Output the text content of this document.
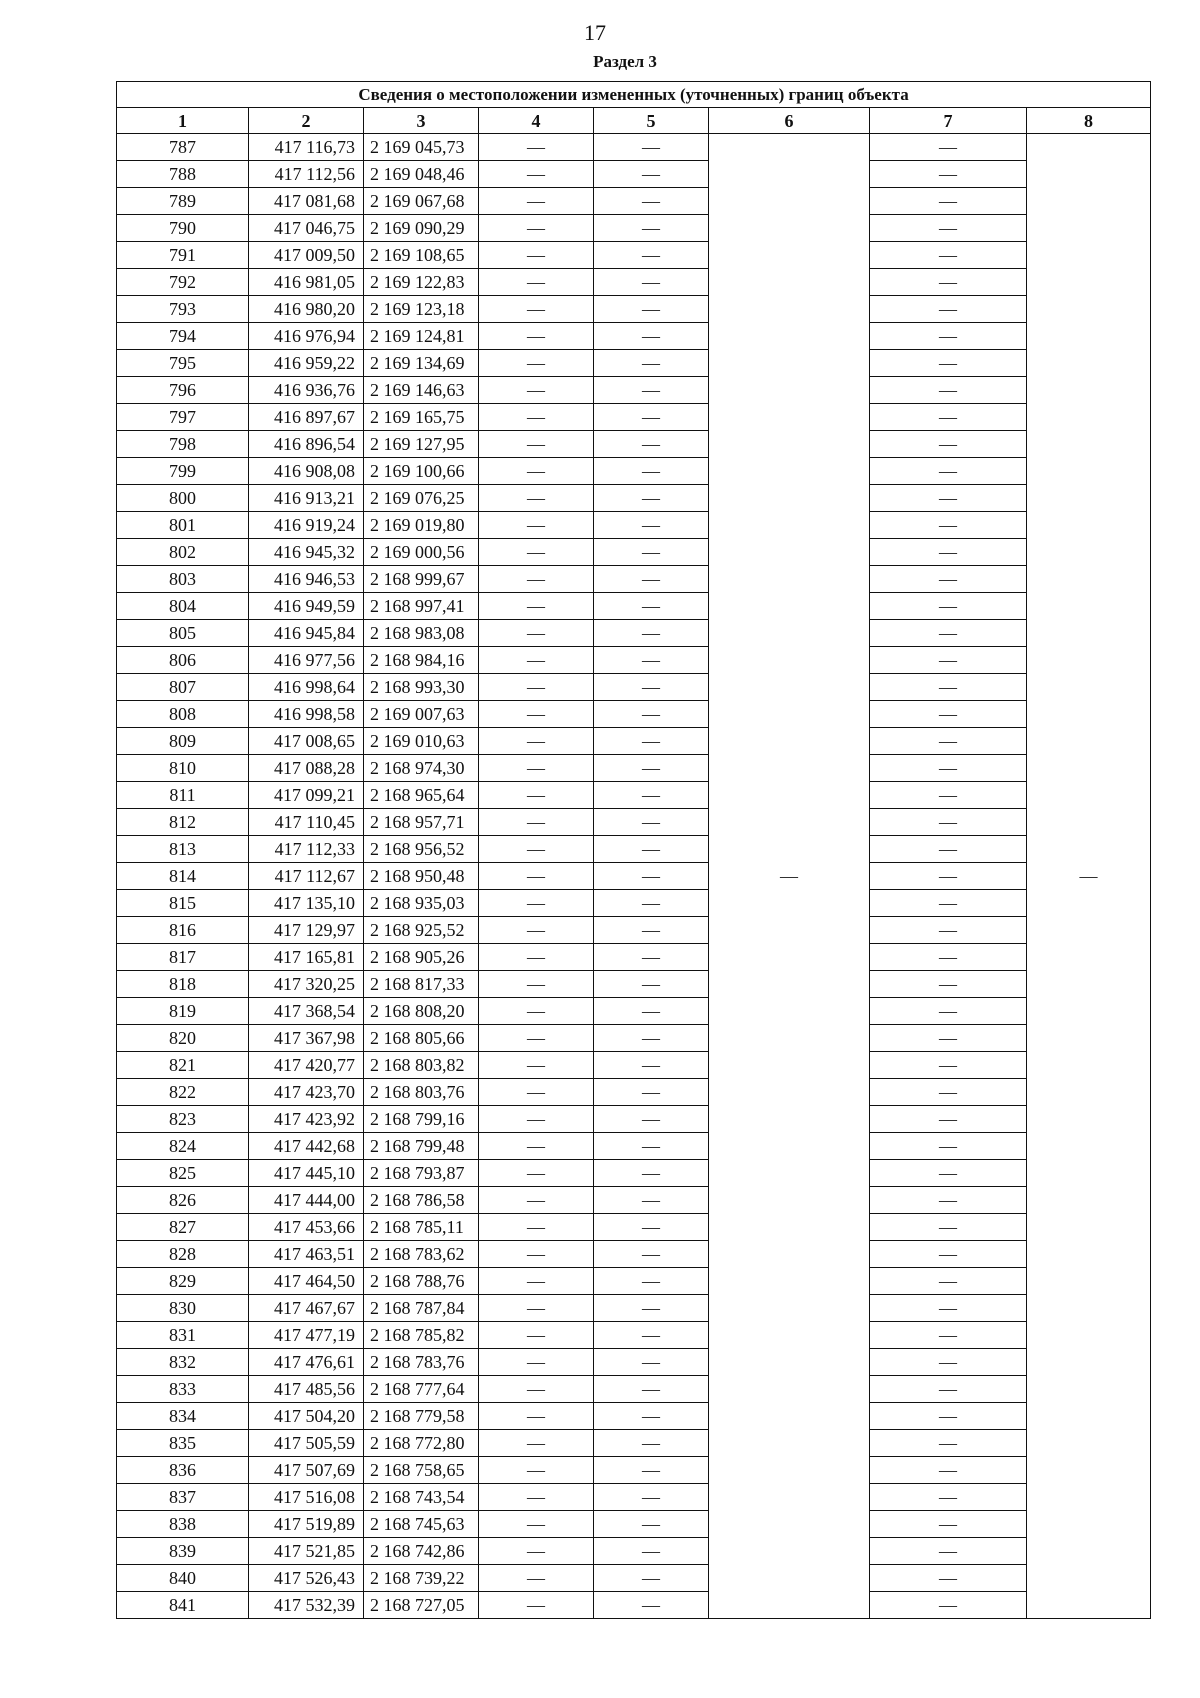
17
Раздел 3
Сведения о местоположении измененных (уточненных) границ объекта							
1	2	3	4	5	6	7	8
787	417 116,73	2 169 045,73	—	—	—	—	—
788	417 112,56	2 169 048,46	—	—		—	
789	417 081,68	2 169 067,68	—	—		—	
790	417 046,75	2 169 090,29	—	—		—	
791	417 009,50	2 169 108,65	—	—		—	
792	416 981,05	2 169 122,83	—	—		—	
793	416 980,20	2 169 123,18	—	—		—	
794	416 976,94	2 169 124,81	—	—		—	
795	416 959,22	2 169 134,69	—	—		—	
796	416 936,76	2 169 146,63	—	—		—	
797	416 897,67	2 169 165,75	—	—		—	
798	416 896,54	2 169 127,95	—	—		—	
799	416 908,08	2 169 100,66	—	—		—	
800	416 913,21	2 169 076,25	—	—		—	
801	416 919,24	2 169 019,80	—	—		—	
802	416 945,32	2 169 000,56	—	—		—	
803	416 946,53	2 168 999,67	—	—		—	
804	416 949,59	2 168 997,41	—	—		—	
805	416 945,84	2 168 983,08	—	—		—	
806	416 977,56	2 168 984,16	—	—		—	
807	416 998,64	2 168 993,30	—	—		—	
808	416 998,58	2 169 007,63	—	—		—	
809	417 008,65	2 169 010,63	—	—		—	
810	417 088,28	2 168 974,30	—	—		—	
811	417 099,21	2 168 965,64	—	—		—	
812	417 110,45	2 168 957,71	—	—		—	
813	417 112,33	2 168 956,52	—	—		—	
814	417 112,67	2 168 950,48	—	—		—	
815	417 135,10	2 168 935,03	—	—		—	
816	417 129,97	2 168 925,52	—	—		—	
817	417 165,81	2 168 905,26	—	—		—	
818	417 320,25	2 168 817,33	—	—		—	
819	417 368,54	2 168 808,20	—	—		—	
820	417 367,98	2 168 805,66	—	—		—	
821	417 420,77	2 168 803,82	—	—		—	
822	417 423,70	2 168 803,76	—	—		—	
823	417 423,92	2 168 799,16	—	—		—	
824	417 442,68	2 168 799,48	—	—		—	
825	417 445,10	2 168 793,87	—	—		—	
826	417 444,00	2 168 786,58	—	—		—	
827	417 453,66	2 168 785,11	—	—		—	
828	417 463,51	2 168 783,62	—	—		—	
829	417 464,50	2 168 788,76	—	—		—	
830	417 467,67	2 168 787,84	—	—		—	
831	417 477,19	2 168 785,82	—	—		—	
832	417 476,61	2 168 783,76	—	—		—	
833	417 485,56	2 168 777,64	—	—		—	
834	417 504,20	2 168 779,58	—	—		—	
835	417 505,59	2 168 772,80	—	—		—	
836	417 507,69	2 168 758,65	—	—		—	
837	417 516,08	2 168 743,54	—	—		—	
838	417 519,89	2 168 745,63	—	—		—	
839	417 521,85	2 168 742,86	—	—		—	
840	417 526,43	2 168 739,22	—	—		—	
841	417 532,39	2 168 727,05	—	—		—	
